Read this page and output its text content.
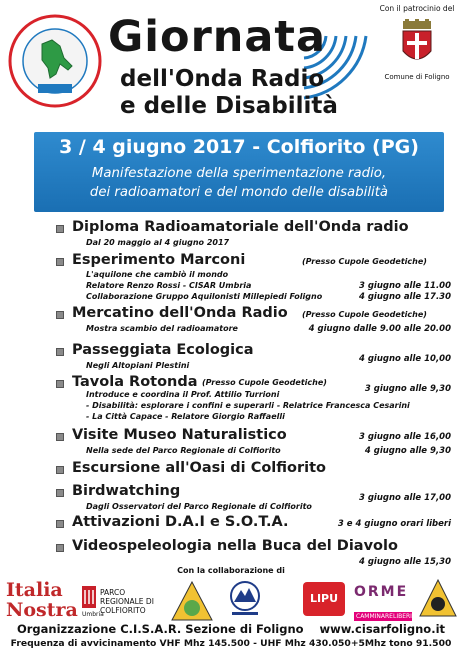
Giornata
dell'Onda Radio
e delle Disabilità
Con il patrocinio del
Comune di Foligno
3 / 4 giugno 2017 - Colfiorito (PG)
Manifestazione della sperimentazione radio,
dei radioamatori e del mondo delle disabilità
Diploma Radioamatoriale dell'Onda radio
Dal 20 maggio al 4 giugno 2017
Esperimento Marconi	(Presso Cupole Geodetiche)
L'aquilone che cambiò il mondo
Relatore Renzo Rossi - CISAR Umbria
Collaborazione Gruppo Aquilonisti Millepiedi Foligno
3 giugno alle 11.00
4 giugno alle 17.30
Mercatino dell'Onda Radio (Presso Cupole Geodetiche)
Mostra scambio del radioamatore	4 giugno dalle 9.00 alle 20.00
Passeggiata Ecologica
Negli Altopiani Plestini
4 giugno alle 10,00
Tavola Rotonda (Presso Cupole Geodetiche)
Introduce e coordina il Prof. Attilio Turrioni
- Disabilità: esplorare i confini e superarli - Relatrice Francesca Cesarini
- La Città Capace - Relatore Giorgio Raffaelli
3 giugno alle 9,30
Visite Museo Naturalistico
Nella sede del Parco Regionale di Colfiorito
3 giugno alle 16,00
4 giugno alle 9,30
Escursione all'Oasi di Colfiorito
Birdwatching
Dagli Osservatori del Parco Regionale di Colfiorito
3 giugno alle 17,00
Attivazioni D.A.I e S.O.T.A.	3 e 4 giugno orari liberi
Videospeleologia nella Buca del Diavolo
4 giugno alle 15,30
Con la collaborazione di
Italia
Nostra
PARCO REGIONALE DI COLFIORITO
Umbria
LIPU	ORME
CAMMINARELIBERI
Organizzazione C.I.S.A.R. Sezione di Foligno    www.cisarfoligno.it
Frequenza di avvicinamento VHF Mhz 145.500 - UHF Mhz 430.050+5Mhz tono 91.500
